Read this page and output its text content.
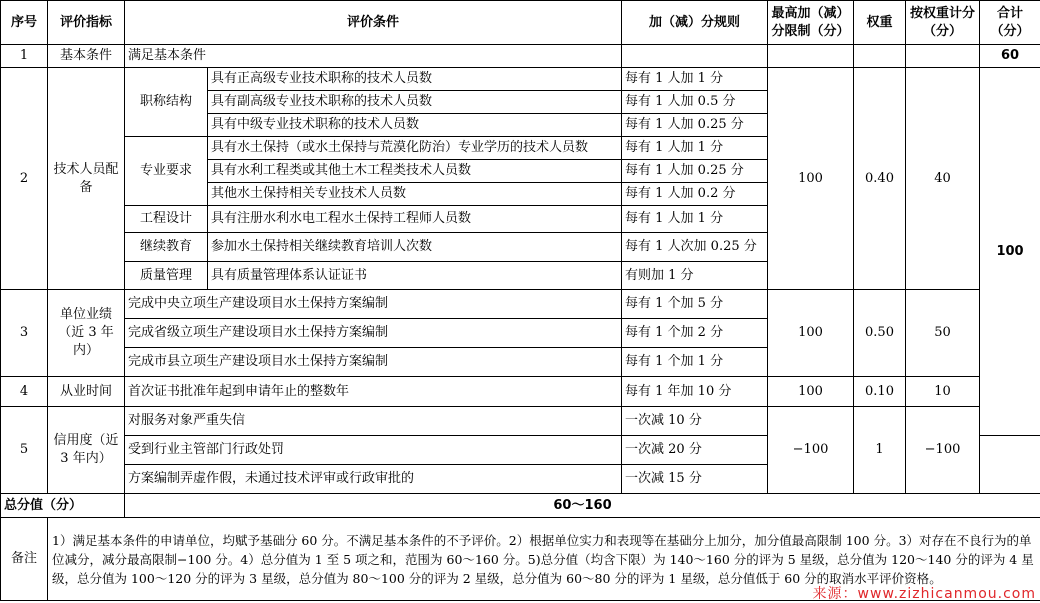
序号	评价指标	评价条件		加（减）分规则	最高加（减）分限制（分）	权重	按权重计分（分）	合计（分）	
1	基本条件	满足基本条件						60	
2	技术人员配备	职称结构	具有正高级专业技术职称的技术人员数	每有 1 人加 1 分	100	0.40	40	100	
			具有副高级专业技术职称的技术人员数	每有 1 人加 0.5 分					
			具有中级专业技术职称的技术人员数	每有 1 人加 0.25 分					
		专业要求	具有水土保持（或水土保持与荒漠化防治）专业学历的技术人员数	每有 1 人加 1 分					
			具有水利工程类或其他土木工程类技术人员数	每有 1 人加 0.25 分					
			其他水土保持相关专业技术人员数	每有 1 人加 0.2 分					
		工程设计	具有注册水利水电工程水土保持工程师人员数	每有 1 人加 1 分					
		继续教育	参加水土保持相关继续教育培训人次数	每有 1 人次加 0.25 分					
		质量管理	具有质量管理体系认证证书	有则加 1 分					
3	单位业绩（近 3 年内）	完成中央立项生产建设项目水土保持方案编制		每有 1 个加 5 分	100	0.50	50		
		完成省级立项生产建设项目水土保持方案编制		每有 1 个加 2 分					
		完成市县立项生产建设项目水土保持方案编制		每有 1 个加 1 分					
4	从业时间	首次证书批准年起到申请年止的整数年		每有 1 年加 10 分	100	0.10	10		
5	信用度（近 3 年内）	对服务对象严重失信		一次减 10 分	−100	1	−100	
		受到行业主管部门行政处罚		一次减 20 分					
		方案编制弄虚作假，未通过技术评审或行政审批的		一次减 15 分					
总分值（分）		60～160							
备注	1）满足基本条件的申请单位，均赋予基础分 60 分。不满足基本条件的不予评价。2）根据单位实力和表现等在基础分上加分，加分值最高限制 100 分。3）对存在不良行为的单位减分，减分最高限制−100 分。4）总分值为 1 至 5 项之和，范围为 60～160 分。5)总分值（均含下限）为 140～160 分的评为 5 星级，总分值为 120～140 分的评为 4 星级，总分值为 100～120 分的评为 3 星级，总分值为 80～100 分的评为 2 星级，总分值为 60～80 分的评为 1 星级，总分值低于 60 分的取消水平评价资格。								
来源：www.zizhicanmou.com
